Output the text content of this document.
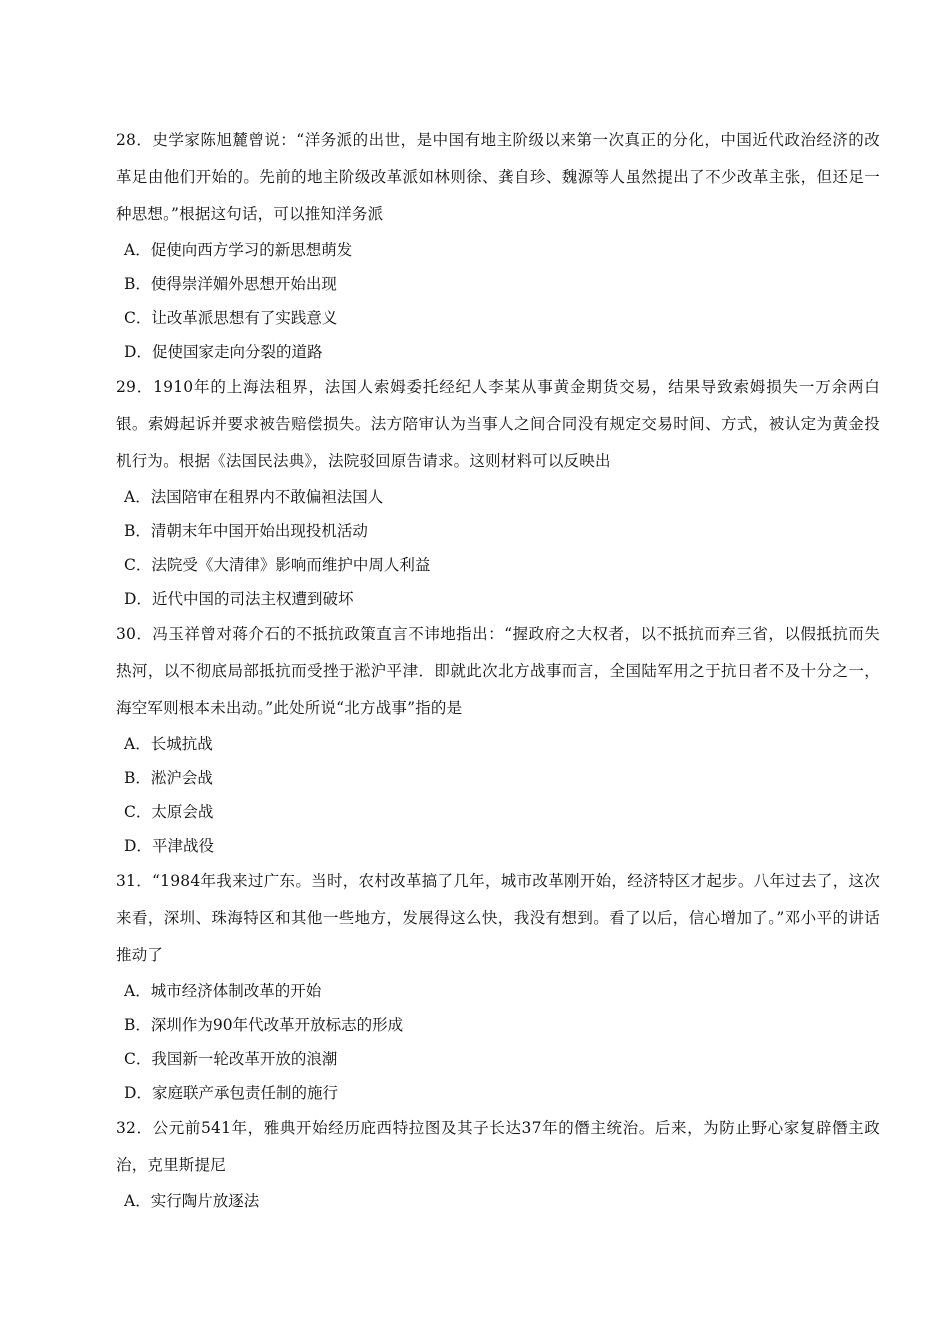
28．史学家陈旭麓曾说：“洋务派的出世，是中国有地主阶级以来第一次真正的分化，中国近代政治经济的改革足由他们开始的。先前的地主阶级改革派如林则徐、龚自珍、魏源等人虽然提出了不少改革主张，但还足一种思想。”根据这句话，可以推知洋务派
A．促使向西方学习的新思想萌发
B．使得崇洋媚外思想开始出现
C．让改革派思想有了实践意义
D．促使国家走向分裂的道路
29．1910年的上海法租界，法国人索姆委托经纪人李某从事黄金期货交易，结果导致索姆损失一万余两白银。索姆起诉并要求被告赔偿损失。法方陪审认为当事人之间合同没有规定交易时间、方式，被认定为黄金投机行为。根据《法国民法典》，法院驳回原告请求。这则材料可以反映出
A．法国陪审在租界内不敢偏袒法国人
B．清朝末年中国开始出现投机活动
C．法院受《大清律》影响而维护中周人利益
D．近代中国的司法主权遭到破坏
30．冯玉祥曾对蒋介石的不抵抗政策直言不讳地指出：“握政府之大权者，以不抵抗而弃三省，以假抵抗而失热河，以不彻底局部抵抗而受挫于淞沪平津．即就此次北方战事而言，全国陆军用之于抗日者不及十分之一，海空军则根本未出动。”此处所说“北方战事”指的是
A．长城抗战
B．淞沪会战
C．太原会战
D．平津战役
31．“1984年我来过广东。当时，农村改革搞了几年，城市改革刚开始，经济特区才起步。八年过去了，这次来看，深圳、珠海特区和其他一些地方，发展得这么快，我没有想到。看了以后，信心增加了。”邓小平的讲话推动了
A．城市经济体制改革的开始
B．深圳作为90年代改革开放标志的形成
C．我国新一轮改革开放的浪潮
D．家庭联产承包责任制的施行
32．公元前541年，雅典开始经历庇西特拉图及其子长达37年的僭主统治。后来，为防止野心家复辟僭主政治，克里斯提尼
A．实行陶片放逐法
